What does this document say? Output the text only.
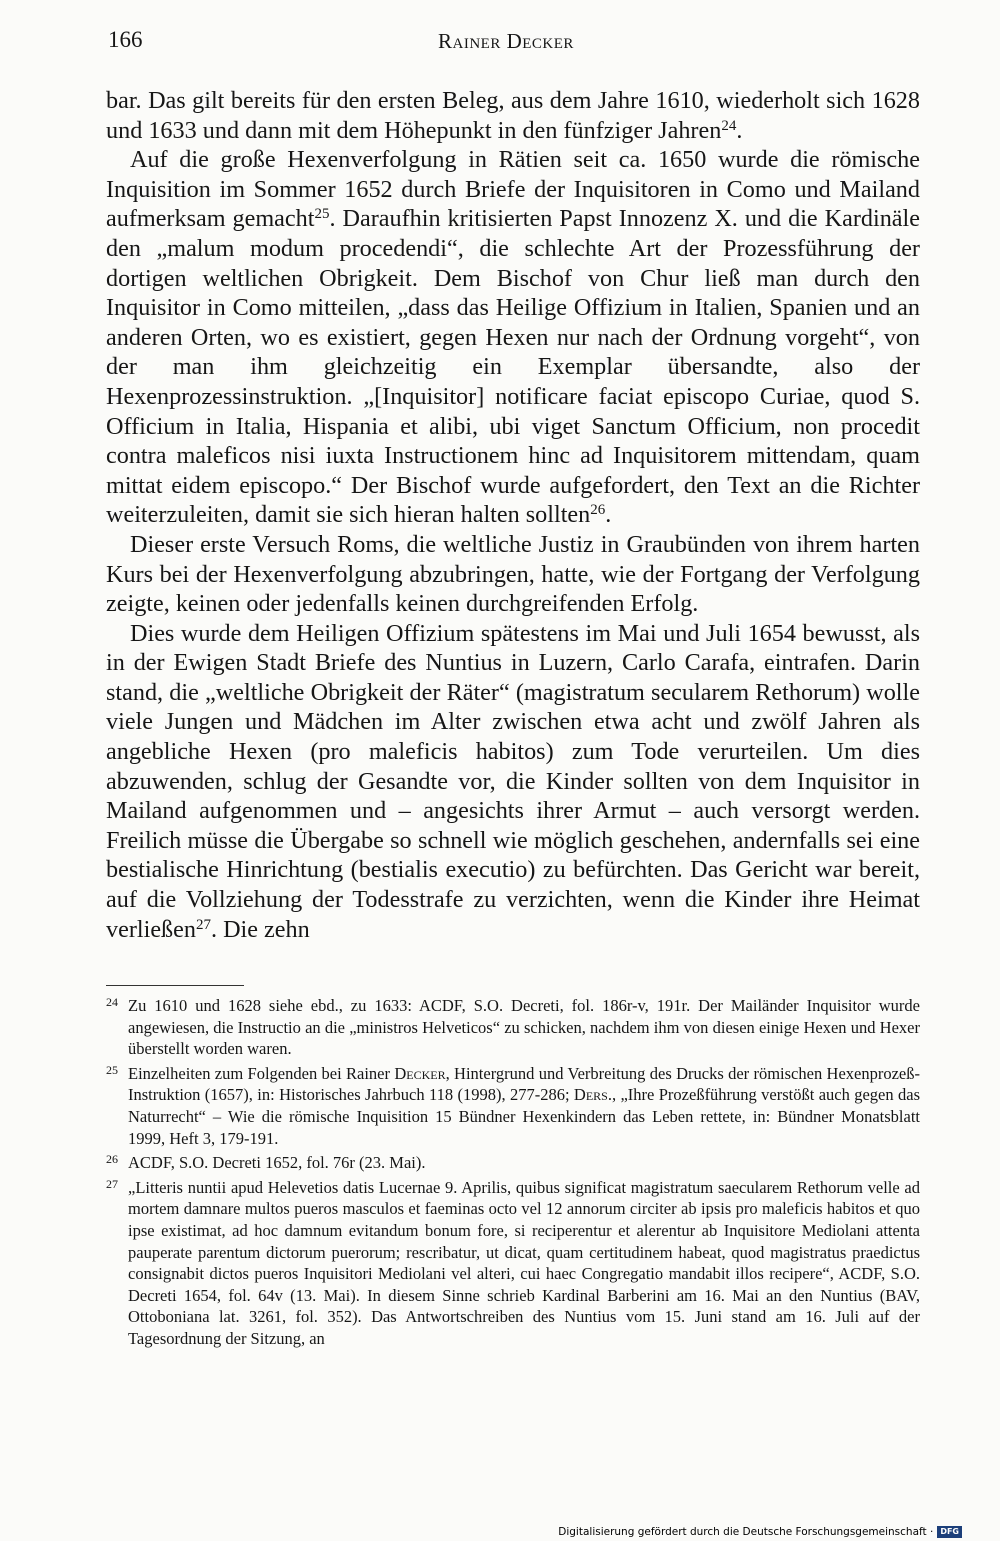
166	Rainer Decker

bar. Das gilt bereits für den ersten Beleg, aus dem Jahre 1610, wiederholt sich 1628 und 1633 und dann mit dem Höhepunkt in den fünfziger Jahren$^{24}$.

Auf die große Hexenverfolgung in Rätien seit ca. 1650 wurde die römische Inquisition im Sommer 1652 durch Briefe der Inquisitoren in Como und Mailand aufmerksam gemacht$^{25}$. Daraufhin kritisierten Papst Innozenz X. und die Kardinäle den „malum modum procedendi“, die schlechte Art der Prozessführung der dortigen weltlichen Obrigkeit. Dem Bischof von Chur ließ man durch den Inquisitor in Como mitteilen, „dass das Heilige Offizium in Italien, Spanien und an anderen Orten, wo es existiert, gegen Hexen nur nach der Ordnung vorgeht“, von der man ihm gleichzeitig ein Exemplar übersandte, also der Hexenprozessinstruktion. „[Inquisitor] notificare faciat episcopo Curiae, quod S. Officium in Italia, Hispania et alibi, ubi viget Sanctum Officium, non procedit contra maleficos nisi iuxta Instructionem hinc ad Inquisitorem mittendam, quam mittat eidem episcopo.“ Der Bischof wurde aufgefordert, den Text an die Richter weiterzuleiten, damit sie sich hieran halten sollten$^{26}$.

Dieser erste Versuch Roms, die weltliche Justiz in Graubünden von ihrem harten Kurs bei der Hexenverfolgung abzubringen, hatte, wie der Fortgang der Verfolgung zeigte, keinen oder jedenfalls keinen durchgreifenden Erfolg.

Dies wurde dem Heiligen Offizium spätestens im Mai und Juli 1654 bewusst, als in der Ewigen Stadt Briefe des Nuntius in Luzern, Carlo Carafa, eintrafen. Darin stand, die „weltliche Obrigkeit der Räter“ (magistratum secularem Rethorum) wolle viele Jungen und Mädchen im Alter zwischen etwa acht und zwölf Jahren als angebliche Hexen (pro maleficis habitos) zum Tode verurteilen. Um dies abzuwenden, schlug der Gesandte vor, die Kinder sollten von dem Inquisitor in Mailand aufgenommen und – angesichts ihrer Armut – auch versorgt werden. Freilich müsse die Übergabe so schnell wie möglich geschehen, andernfalls sei eine bestialische Hinrichtung (bestialis executio) zu befürchten. Das Gericht war bereit, auf die Vollziehung der Todesstrafe zu verzichten, wenn die Kinder ihre Heimat verließen$^{27}$. Die zehn

24 Zu 1610 und 1628 siehe ebd., zu 1633: ACDF, S.O. Decreti, fol. 186r-v, 191r. Der Mailänder Inquisitor wurde angewiesen, die Instructio an die „ministros Helveticos“ zu schicken, nachdem ihm von diesen einige Hexen und Hexer überstellt worden waren.

25 Einzelheiten zum Folgenden bei Rainer Decker, Hintergrund und Verbreitung des Drucks der römischen Hexenprozeß-Instruktion (1657), in: Historisches Jahrbuch 118 (1998), 277-286; Ders., „Ihre Prozeßführung verstößt auch gegen das Naturrecht“ – Wie die römische Inquisition 15 Bündner Hexenkindern das Leben rettete, in: Bündner Monatsblatt 1999, Heft 3, 179-191.

26 ACDF, S.O. Decreti 1652, fol. 76r (23. Mai).

27 „Litteris nuntii apud Helevetios datis Lucernae 9. Aprilis, quibus significat magistratum saecularem Rethorum velle ad mortem damnare multos pueros masculos et faeminas octo vel 12 annorum circiter ab ipsis pro maleficis habitos et quo ipse existimat, ad hoc damnum evitandum bonum fore, si reciperentur et alerentur ab Inquisitore Mediolani attenta pauperate parentum dictorum puerorum; rescribatur, ut dicat, quam certitudinem habeat, quod magistratus praedictus consignabit dictos pueros Inquisitori Mediolani vel alteri, cui haec Congregatio mandabit illos recipere“, ACDF, S.O. Decreti 1654, fol. 64v (13. Mai). In diesem Sinne schrieb Kardinal Barberini am 16. Mai an den Nuntius (BAV, Ottoboniana lat. 3261, fol. 352). Das Antwortschreiben des Nuntius vom 15. Juni stand am 16. Juli auf der Tagesordnung der Sitzung, an

Digitalisierung gefördert durch die Deutsche Forschungsgemeinschaft · DFG
